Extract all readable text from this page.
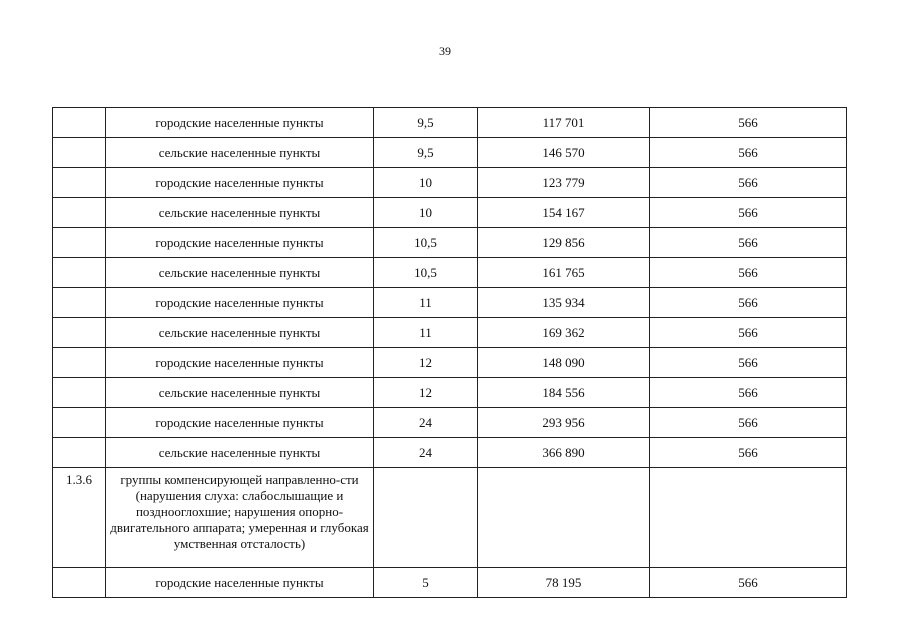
39
	городские населенные пункты	9,5	117 701	566
	сельские населенные пункты	9,5	146 570	566
	городские населенные пункты	10	123 779	566
	сельские населенные пункты	10	154 167	566
	городские населенные пункты	10,5	129 856	566
	сельские населенные пункты	10,5	161 765	566
	городские населенные пункты	11	135 934	566
	сельские населенные пункты	11	169 362	566
	городские населенные пункты	12	148 090	566
	сельские населенные пункты	12	184 556	566
	городские населенные пункты	24	293 956	566
	сельские населенные пункты	24	366 890	566
1.3.6	группы компенсирующей направленно-сти (нарушения слуха: слабослышащие и позднооглохшие; нарушения опорно-двигательного аппарата; умеренная и глубокая умственная отсталость)			
	городские населенные пункты	5	78 195	566
